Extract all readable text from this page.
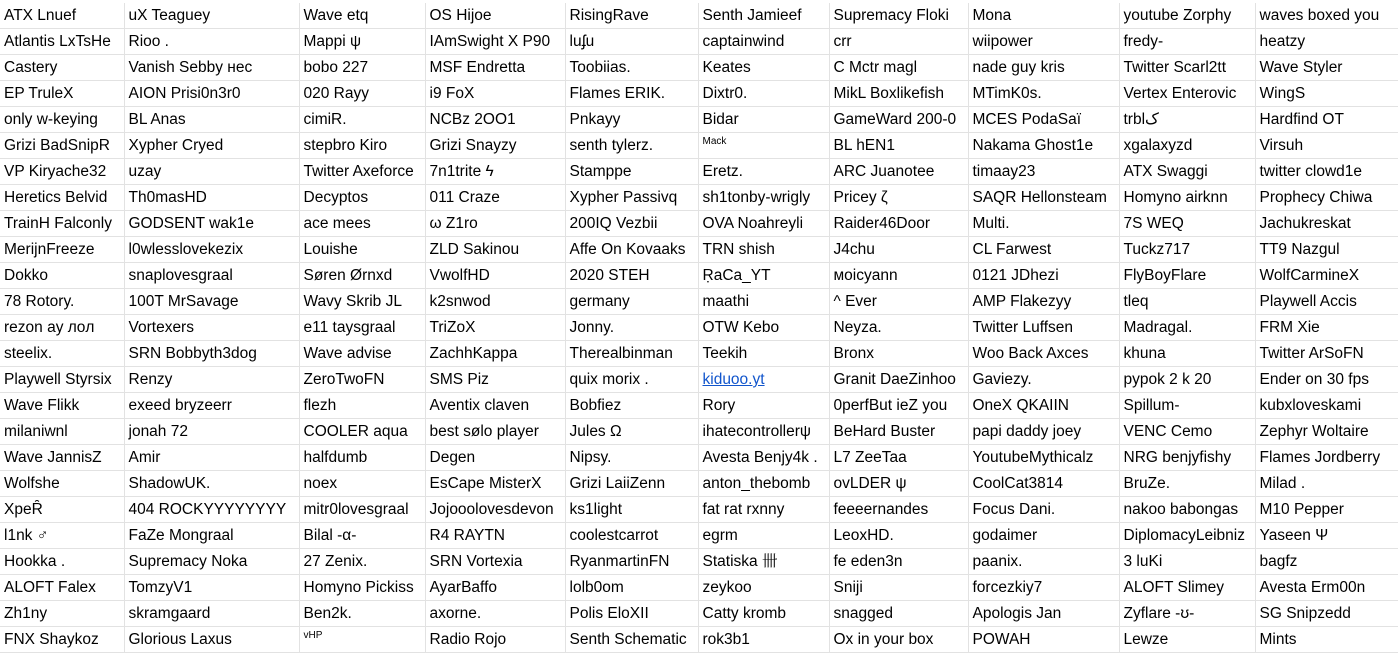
ATX Lnuef	uX Teaguey	Wave etq	OS Hijoe	RisingRave	Senth Jamieef	Supremacy Floki	Mona	youtube Zorphy	waves boxed you
Atlantis LxTsHe	Rioo .	Mappi ψ	IAmSwight X P90	luʄu	captainwind	crr	wiipower	fredy-	heatzy
Castery	Vanish Sebby нес	bobo 227	MSF Endretta	Toobiias.	Keates	C Mctr magl	nade guy kris	Twitter Scarl2tt	Wave Styler
EP TruleX	AION Prisi0n3r0	020 Rayy	i9 FoX	Flames ERIK.	Dixtr0.	MikL Boxlikefish	MTimK0s.	Vertex Enterovic	WingS
only w-keying	BL Anas	cimiR.	NCBz 2OO1	Pnkayy	Bidar	GameWard 200-0	MCES PodaSaï	trblک	Hardfind OT
Grizi BadSnipR	Xypher Cryed	stepbro Kiro	Grizi Snayzy	senth tylerz.	Mack	BL hEN1	Nakama Ghost1e	xgalaxyzd	Virsuh
VP Kiryache32	uzay	Twitter Axeforce	7n1trite ϟ	Stamppe	Eretz.	ARC Juanotee	timaay23	ATX Swaggi	twitter clowd1e
Heretics Belvid	Th0masHD	Decyptos	011 Craze	Xypher Passivq	sh1tonby-wrigly	Pricey ζ	SAQR Hellonsteam	Homyno airknn	Prophecy Chiwa
TrainH Falconly	GODSENT wak1e	ace mees	ω Z1ro	200IQ Vezbii	OVA Noahreyli	Raider46Door	Multi.	7S WEQ	Jachukreskat
MerijnFreeze	l0wlesslovekezix	Louishe	ZLD Sakinou	Affe On Kovaaks	TRN shish	J4chu	CL Farwest	Tuckz717	TT9 Nazgul
Dokko	snaplovesgraal	Søren Ørnxd	VwolfHD	2020 STEH	ṚaCa_YT	мoicyann	0121 JDhezi	FlyBoyFlare	WolfCarmineX
78 Rotory.	100T MrSavage	Wavy Skrib JL	k2snwod	germany	maathi	^ Ever	AMP Flakezyy	tleq	Playwell Accis
rezon ay лoл	Vortexers	e11 taysgraal	TriZoX	Jonny.	OTW Kebo	Neyza.	Twitter Luffsen	Madragal.	FRM Xie
steelix.	SRN Bobbyth3dog	Wave advise	ZachhKappa	Therealbinman	Teekih	Bronx	Woo Back Axces	khuna	Twitter ArSoFN
Playwell Styrsix	Renzy	ZeroTwoFN	SMS Piz	quix morix .	kiduoo.yt	Granit DaeZinhoo	Gaviezy.	pypok 2 k 20	Ender on 30 fps
Wave Flikk	exeed bryzeerr	flezh	Aventix claven	Bobfiez	Rory	0perfBut ieZ you	OneX QKAIIN	Spillum-	kubxloveskami
milaniwnl	jonah 72	COOLER aqua	best sølo player	Jules Ω	ihatecontrollerψ	BeHard Buster	papi daddy joey	VENC Cemo	Zephyr Woltaire
Wave JannisZ	Amir	halfdumb	Degen	Nipsy.	Avesta Benjy4k .	L7 ZeeTaa	YoutubeMythicalz	NRG benjyfishy	Flames Jordberry
Wolfshe	ShadowUK.	noex	EsCape MisterX	Grizi LaiiZenn	anton_thebomb	ovLDER ψ	CoolCat3814	BruZe.	Milad .
XpeȒ	404 ROCKYYYYYYYY	mitr0lovesgraal	Jojooolovesdevon	ks1light	fat rat rxnny	feeeernandes	Focus Dani.	nakoo babongas	M10 Pepper
l1nk ♂	FaZe Mongraal	Bilal -α-	R4 RAYTN	coolestcarrot	egrm	LeoxHD.	godaimer	DiplomacyLeibniz	Yaseen Ψ
Hookka .	Supremacy Noka	27 Zenix.	SRN Vortexia	RyanmartinFN	Statiska 卌	fe eden3n	paanix.	3 luKi	bagfz
ALOFT Falex	TomzyV1	Homyno Pickiss	AyarBaffo	lolb0om	zeykoo	Sniji	forcezkiy7	ALOFT Slimey	Avesta Erm00n
Zh1ny	skramgaard	Ben2k.	axorne.	Polis EloXII	Catty kromb	snagged	Apologis Jan	Zyflare -ʊ-	SG Snipzedd
FNX Shaykoz	Glorious Laxus	vHP	Radio Rojo	Senth Schematic	rok3b1	Ox in your box	POWAH	Lewze	Mints
